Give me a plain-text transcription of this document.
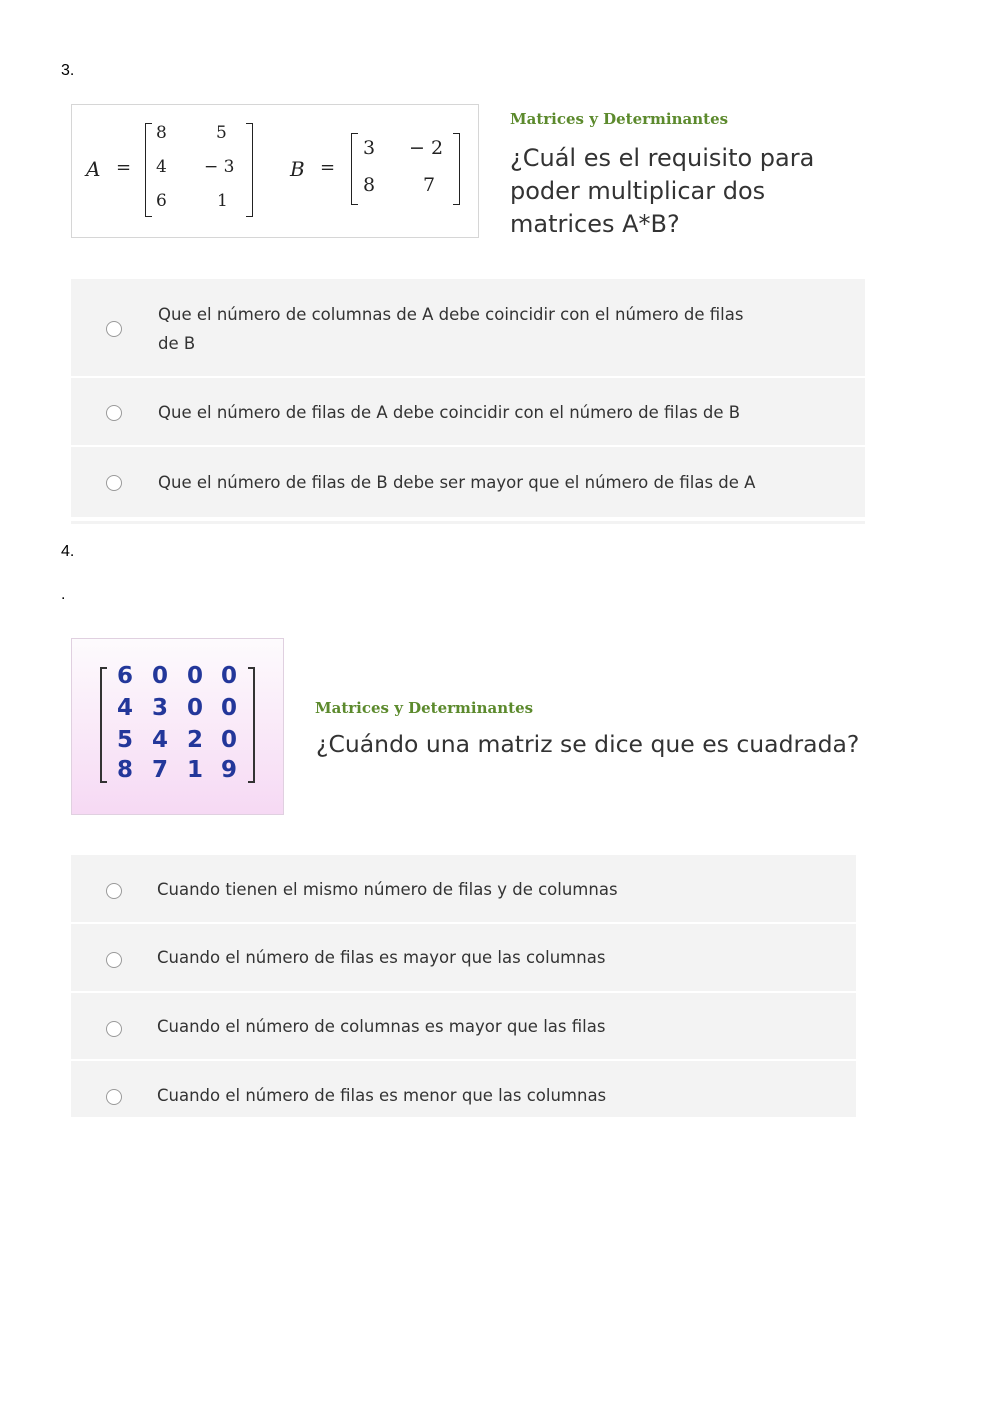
3.
A =
8	5
4 − 3
6	1
B =
3 − 2
8	7
Matrices y Determinantes
¿Cuál es el requisito para
poder multiplicar dos
matrices A*B?
Que el número de columnas de A debe coincidir con el número de filas
de B
Que el número de filas de A debe coincidir con el número de filas de B
Que el número de filas de B debe ser mayor que el número de filas de A
4.
.
6 0 0 0
4 3 0 0
5 4 2 0
8 7 1 9
Matrices y Determinantes
¿Cuándo una matriz se dice que es cuadrada?
Cuando tienen el mismo número de filas y de columnas
Cuando el número de filas es mayor que las columnas
Cuando el número de columnas es mayor que las filas
Cuando el número de filas es menor que las columnas
